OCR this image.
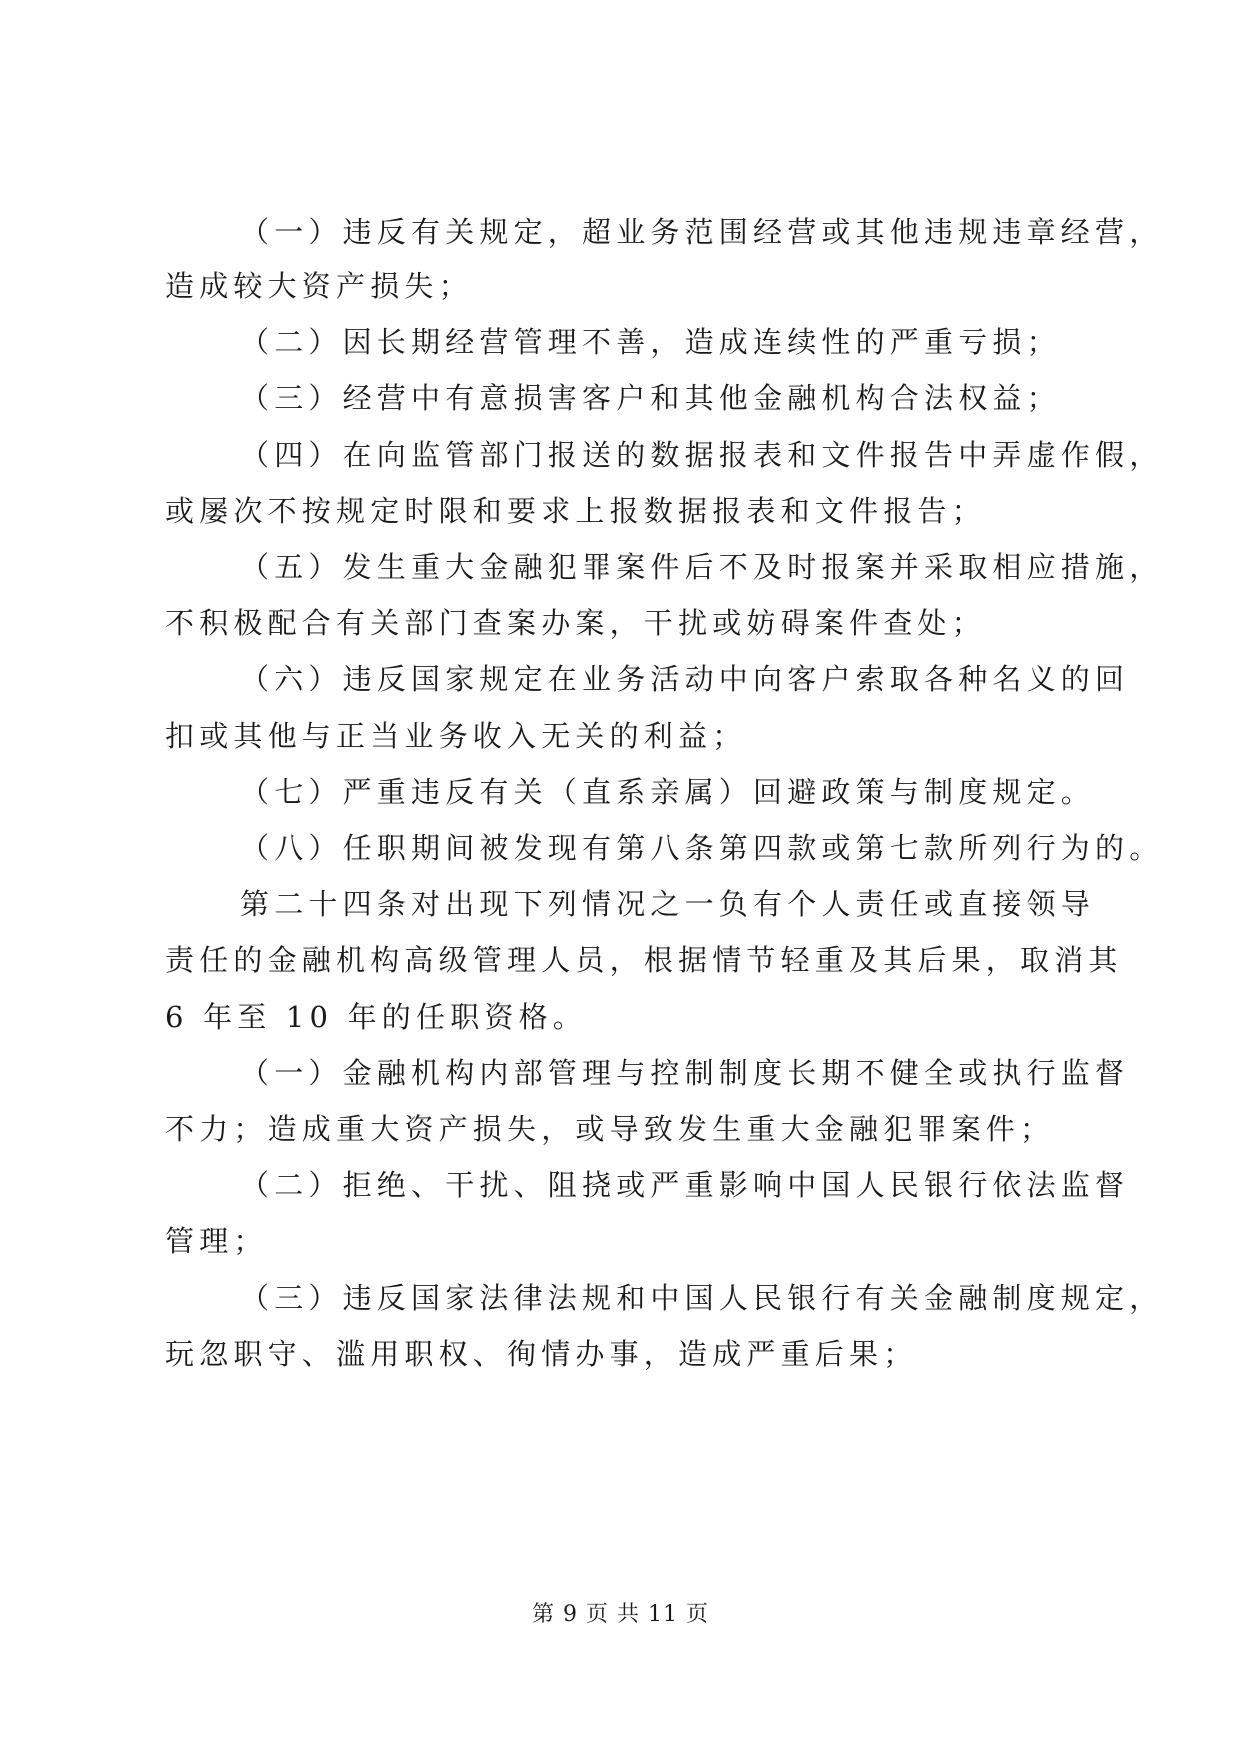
（一）违反有关规定，超业务范围经营或其他违规违章经营，
造成较大资产损失；
（二）因长期经营管理不善，造成连续性的严重亏损；
（三）经营中有意损害客户和其他金融机构合法权益；
（四）在向监管部门报送的数据报表和文件报告中弄虚作假，
或屡次不按规定时限和要求上报数据报表和文件报告；
（五）发生重大金融犯罪案件后不及时报案并采取相应措施，
不积极配合有关部门查案办案，干扰或妨碍案件查处；
（六）违反国家规定在业务活动中向客户索取各种名义的回
扣或其他与正当业务收入无关的利益；
（七）严重违反有关（直系亲属）回避政策与制度规定。
（八）任职期间被发现有第八条第四款或第七款所列行为的。
第二十四条对出现下列情况之一负有个人责任或直接领导
责任的金融机构高级管理人员，根据情节轻重及其后果，取消其
6 年至 10 年的任职资格。
（一）金融机构内部管理与控制制度长期不健全或执行监督
不力；造成重大资产损失，或导致发生重大金融犯罪案件；
（二）拒绝、干扰、阻挠或严重影响中国人民银行依法监督
管理；
（三）违反国家法律法规和中国人民银行有关金融制度规定，
玩忽职守、滥用职权、徇情办事，造成严重后果；
第 9 页 共 11 页
